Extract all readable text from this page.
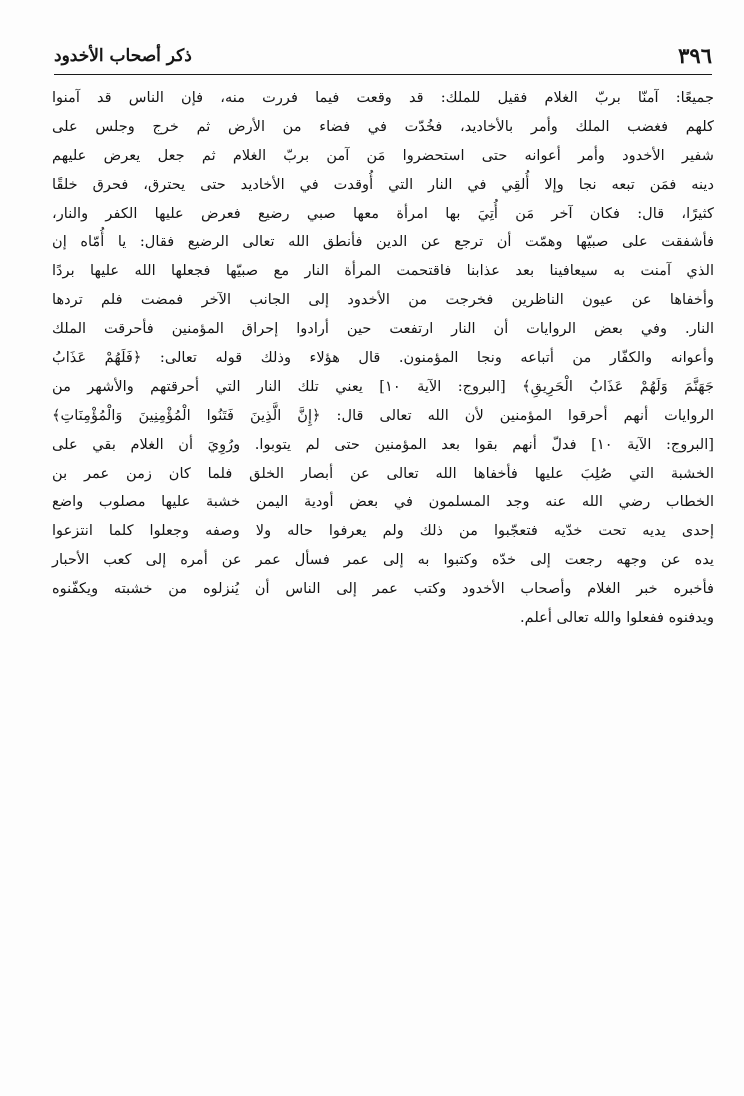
٣٩٦
ذكر أصحاب الأخدود
جميعًا: آمنّا بربّ الغلام فقيل للملك: قد وقعت فيما فررت منه، فإن الناس قد آمنوا
كلهم فغضب الملك وأمر بالأخاديد، فخُدّت في فضاء من الأرض ثم خرج وجلس على
شفير الأخدود وأمر أعوانه حتى استحضروا مَن آمن بربّ الغلام ثم جعل يعرض عليهم
دينه فمَن تبعه نجا وإلا أُلقِي في النار التي أُوقدت في الأخاديد حتى يحترق، فحرق خلقًا
كثيرًا، قال: فكان آخر مَن أُتِيَ بها امرأة معها صبي رضيع فعرض عليها الكفر والنار،
فأشفقت على صبيّها وهمّت أن ترجع عن الدين فأنطق الله تعالى الرضيع فقال: يا أُمّاه إن
الذي آمنت به سيعافينا بعد عذابنا فاقتحمت المرأة النار مع صبيّها فجعلها الله عليها بردًا
وأخفاها عن عيون الناظرين فخرجت من الأخدود إلى الجانب الآخر فمضت فلم تردها
النار. وفي بعض الروايات أن النار ارتفعت حين أرادوا إحراق المؤمنين فأحرقت الملك
وأعوانه والكفّار من أتباعه ونجا المؤمنون. قال هؤلاء وذلك قوله تعالى: ﴿فَلَهُمْ عَذَابُ
جَهَنَّمَ وَلَهُمْ عَذَابُ الْحَرِيقِ﴾ [البروج: الآية ١٠] يعني تلك النار التي أحرقتهم والأشهر من
الروايات أنهم أحرقوا المؤمنين لأن الله تعالى قال: ﴿إِنَّ الَّذِينَ فَتَنُوا الْمُؤْمِنِينَ وَالْمُؤْمِنَاتِ﴾
[البروج: الآية ١٠] فدلّ أنهم بقوا بعد المؤمنين حتى لم يتوبوا. ورُوِيَ أن الغلام بقي على
الخشبة التي صُلِبَ عليها فأخفاها الله تعالى عن أبصار الخلق فلما كان زمن عمر بن
الخطاب رضي الله عنه وجد المسلمون في بعض أودية اليمن خشبة عليها مصلوب واضع
إحدى يديه تحت خدّيه فتعجّبوا من ذلك ولم يعرفوا حاله ولا وصفه وجعلوا كلما انتزعوا
يده عن وجهه رجعت إلى خدّه وكتبوا به إلى عمر فسأل عمر عن أمره إلى كعب الأحبار
فأخبره خبر الغلام وأصحاب الأخدود وكتب عمر إلى الناس أن يُنزلوه من خشبته ويكفّنوه
ويدفنوه ففعلوا والله تعالى أعلم.
